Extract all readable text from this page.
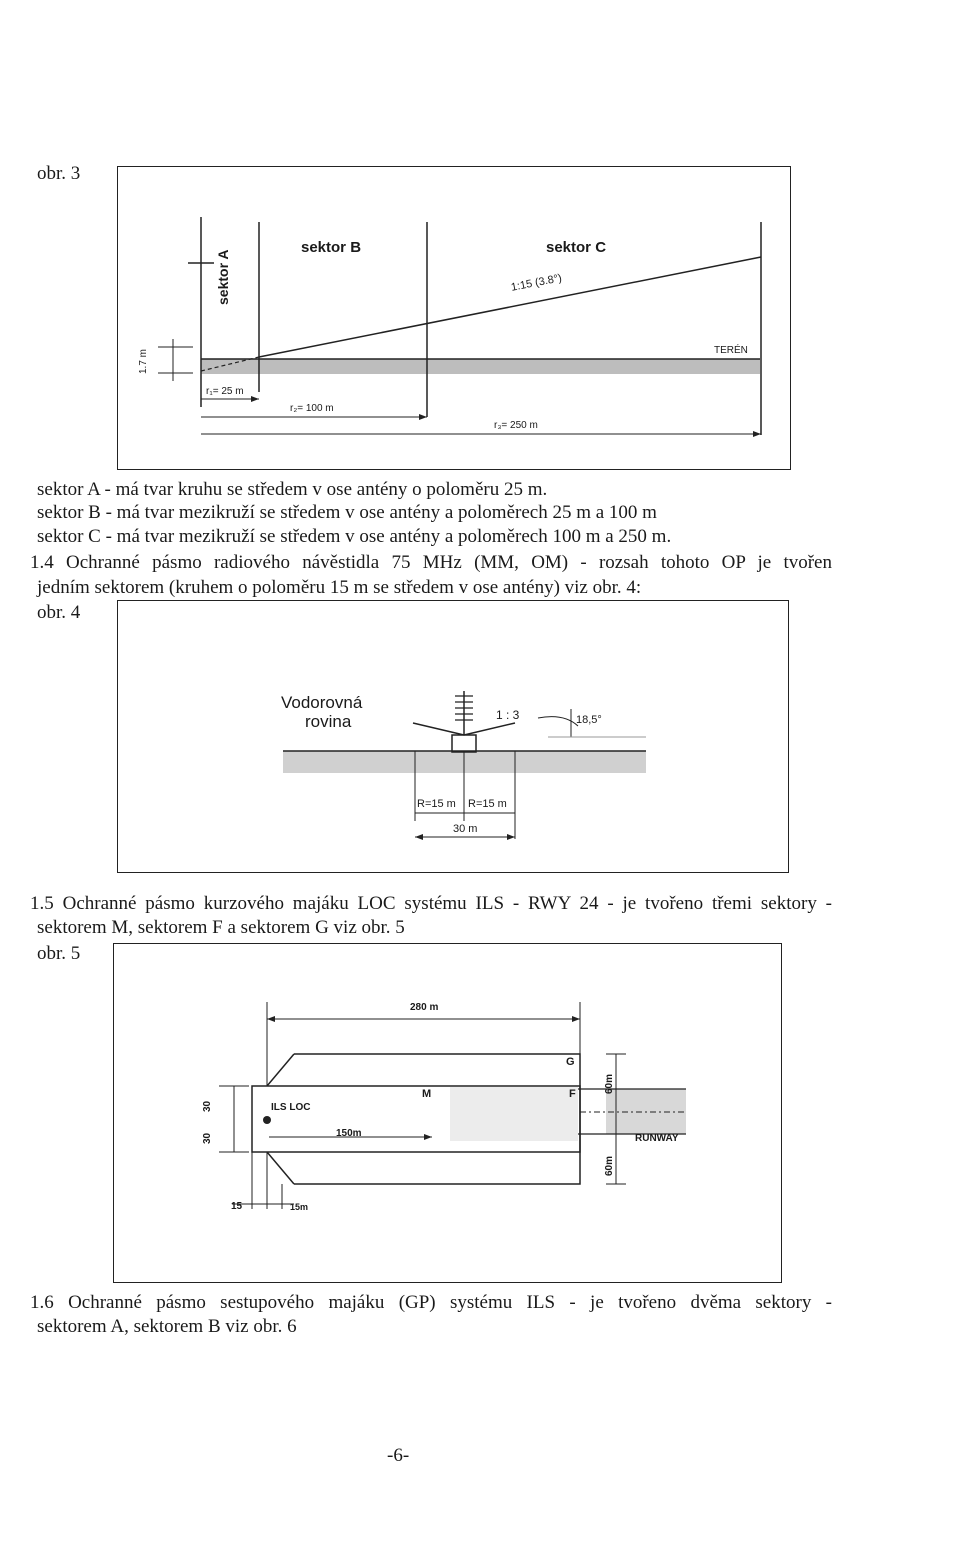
obr. 3
sektor A
sektor B	sektor C
1:15 (3.8°)
TERÉN
1.7 m
r₁= 25 m
r₂= 100 m
r₃= 250 m
sektor A - má tvar kruhu se středem v ose antény o poloměru 25 m.
sektor B - má tvar mezikruží se středem v ose antény a poloměrech 25 m a 100 m
sektor C - má tvar mezikruží se středem v ose antény a poloměrech 100 m a 250 m.
1.4 Ochranné pásmo radiového návěstidla 75 MHz (MM, OM) - rozsah tohoto OP je tvořen
jedním sektorem (kruhem o poloměru 15 m se středem v ose antény) viz obr. 4:
obr. 4
Vodorovná
rovina	1 : 3	18,5°
R=15 m R=15 m
30 m
1.5 Ochranné pásmo kurzového majáku LOC systému ILS - RWY 24 - je tvořeno třemi sektory -
sektorem M, sektorem F a sektorem G viz obr. 5
obr. 5
280 m
G
M	F
ILS LOC
150m
30
30
60m
60m
RUNWAY
15	15m
1.6 Ochranné pásmo sestupového majáku (GP) systému ILS - je tvořeno dvěma sektory -
sektorem A, sektorem B viz obr. 6
-6-
